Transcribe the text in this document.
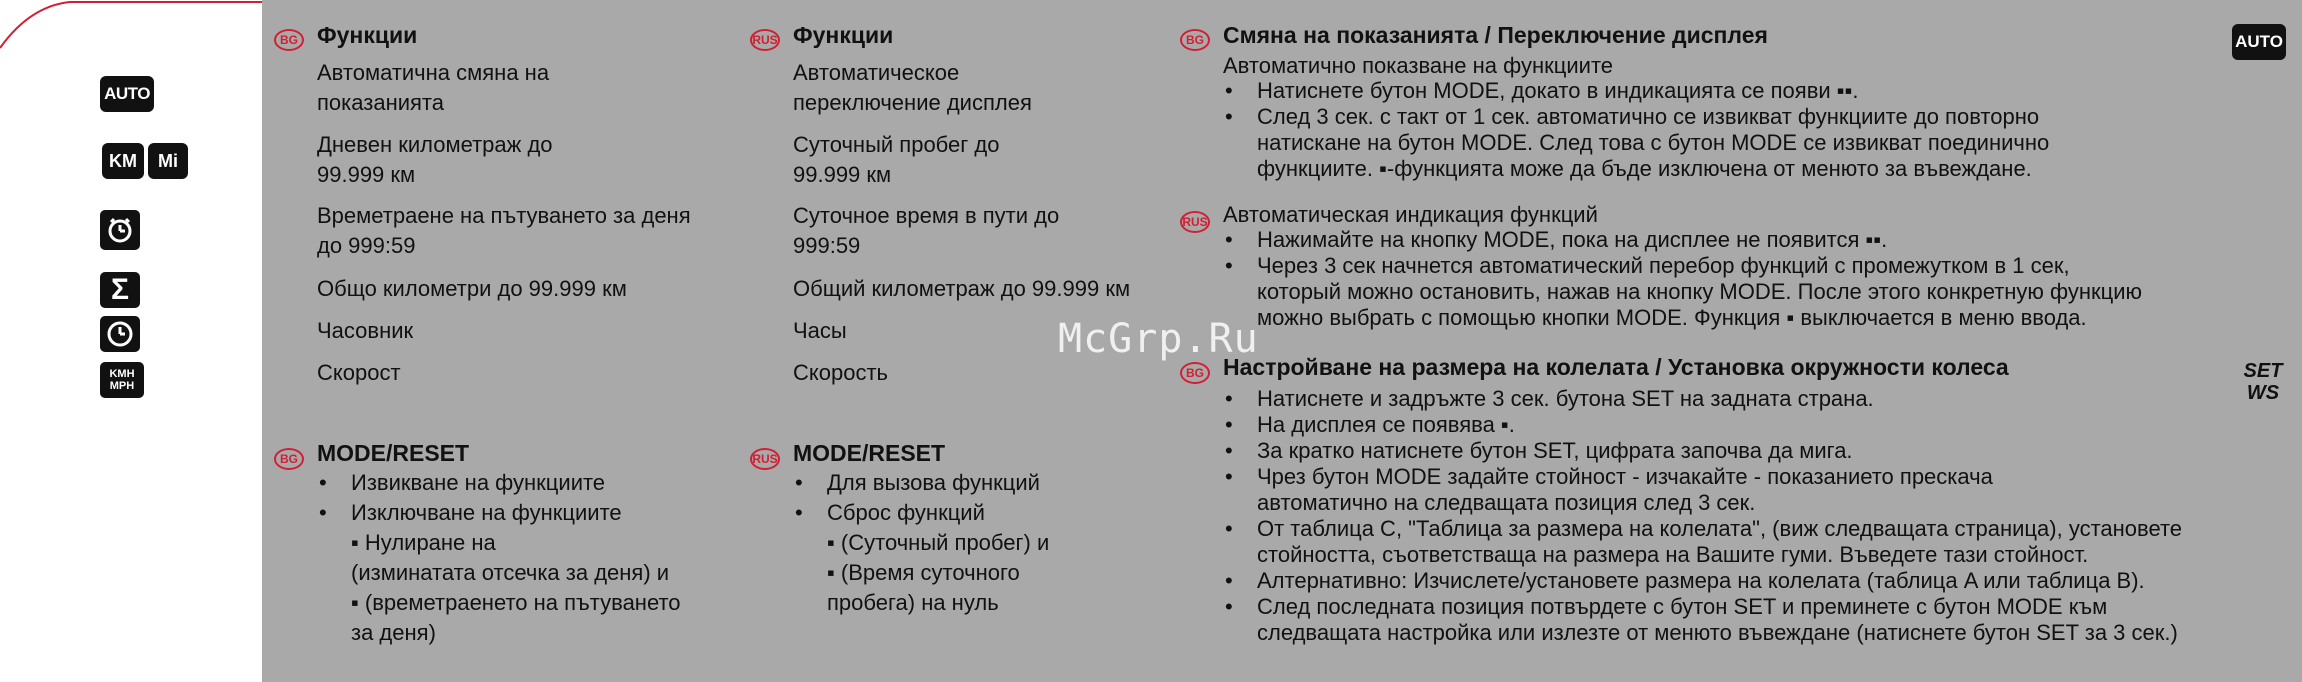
AUTO
KM	Mi
Σ
KMH
MPH
BG Функции
Автоматична смяна на
показанията
Дневен километраж до
99.999 км
Времетраене на пътуването за деня
до 999:59
Общо километри до 99.999 км
Часовник
Скорост
BG MODE/RESET
• Извикване на функциите
• Изключване на функциите
▪ Нулиране на
(изминатата отсечка за деня) и
▪ (времетраенето на пътуването
за деня)
RUS Функции
Автоматическое
переключение дисплея
Суточный пробег до
99.999 км
Суточное время в пути до
999:59
Общий километраж до 99.999 км
Часы
Скорость
RUS MODE/RESET
• Для вызова функций
• Сброс функций
▪ (Суточный пробег) и
▪ (Время суточного
пробега) на нуль
BG Смяна на показанията / Переключение дисплея	AUTO
Автоматично показване на функциите
• Натиснете бутон MODE, докато в индикацията се появи ▪▪.
• След 3 сек. с такт от 1 сек. автоматично се извикват функциите до повторно
натискане на бутон MODE. След това с бутон MODE се извикват поединично
функциите. ▪-функцията може да бъде изключена от менюто за въвеждане.
RUS Автоматическая индикация функций
• Нажимайте на кнопку MODE, пока на дисплее не появится ▪▪.
• Через 3 сек начнется автоматический перебор функций с промежутком в 1 сек,
который можно остановить, нажав на кнопку MODE. После этого конкретную функцию
можно выбрать с помощью кнопки MODE. Функция ▪ выключается в меню ввода.
BG Настройване на размера на колелата / Установка окружности колеса	SET
WS
• Натиснете и задръжте 3 сек. бутона SET на задната страна.
• На дисплея се появява ▪.
• За кратко натиснете бутон SET, цифрата започва да мига.
• Чрез бутон MODE задайте стойност - изчакайте - показанието прескача
автоматично на следващата позиция след 3 сек.
• От таблица С, "Таблица за размера на колелата", (виж следващата страница), установете
стойността, съответстваща на размера на Вашите гуми. Въведете тази стойност.
• Алтернативно: Изчислете/установете размера на колелата (таблица A или таблица B).
• След последната позиция потвърдете с бутон SET и преминете с бутон MODE към
следващата настройка или излезте от менюто въвеждане (натиснете бутон SET за 3 сек.)
McGrp.Ru
